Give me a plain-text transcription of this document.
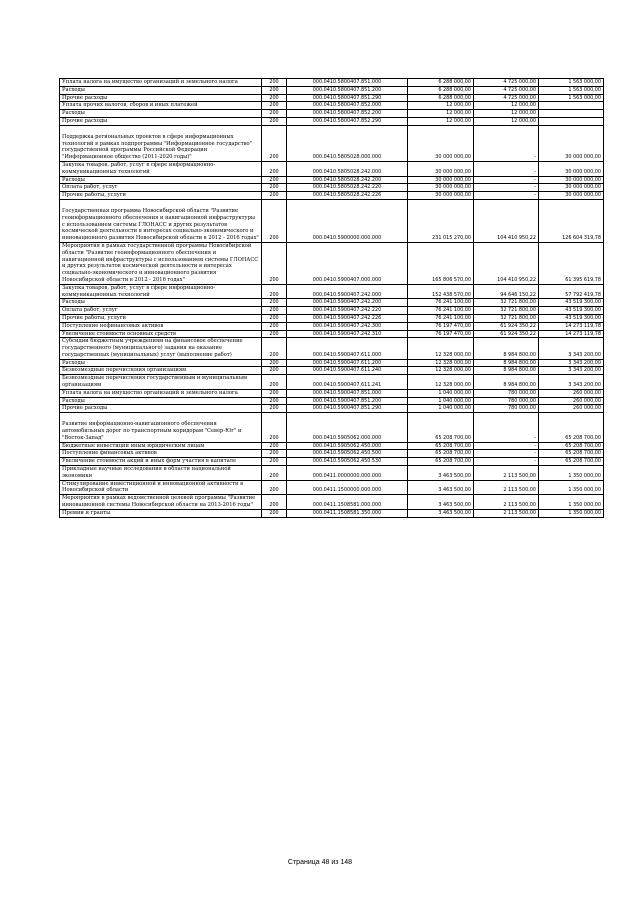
Уплата налога на имущество организаций и земельного налога	200	000.0410.5800407.851.000	6 288 000,00	4 725 000,00	1 563 000,00
Расходы	200	000.0410.5800407.851.200	6 288 000,00	4 725 000,00	1 563 000,00
Прочие расходы	200	000.0410.5800407.851.290	6 288 000,00	4 725 000,00	1 563 000,00
Уплата прочих налогов, сборов и иных платежей	200	000.0410.5800407.852.000	12 000,00	12 000,00	
Расходы	200	000.0410.5800407.852.200	12 000,00	12 000,00	
Прочие расходы	200	000.0410.5800407.852.290	12 000,00	12 000,00	
Поддержка региональных проектов в сфере информационных технологий в рамках подпрограммы "Информационное государство" государственной программы Российской Федерации "Информационное общество (2011-2020 годы)"	200	000.0410.5805028.000.000	30 000 000,00	-	30 000 000,00
Закупка товаров, работ, услуг в сфере информационно-коммуникационных технологий	200	000.0410.5805028.242.000	30 000 000,00	-	30 000 000,00
Расходы	200	000.0410.5805028.242.200	30 000 000,00	-	30 000 000,00
Оплата работ, услуг	200	000.0410.5805028.242.220	30 000 000,00	-	30 000 000,00
Прочие работы, услуги	200	000.0410.5805028.242.226	30 000 000,00	-	30 000 000,00
Государственная программа Новосибирской области "Развитие геоинформационного обеспечения и навигационной инфраструктуры с использованием системы ГЛОНАСС и других результатов космической деятельности в интересах социально-экономического и инновационного развития Новосибирской области в 2012 - 2016 годах"	200	000.0410.5900000.000.000	231 015 270,00	104 410 950,22	126 604 319,78
Мероприятия в рамках государственной программы Новосибирской области "Развитие геоинформационного обеспечения и навигационной инфраструктуры с использованием системы ГЛОНАСС и других результатов космической деятельности в интересах социально-экономического и инновационного развития Новосибирской области в 2012 - 2016 годах"	200	000.0410.5900407.000.000	165 806 570,00	104 410 950,22	61 395 619,78
Закупка товаров, работ, услуг в сфере информационно-коммуникационных технологий	200	000.0410.5900407.242.000	152 438 570,00	94 646 150,22	57 792 419,78
Расходы	200	000.0410.5900407.242.200	76 241 100,00	32 721 800,00	43 519 300,00
Оплата работ, услуг	200	000.0410.5900407.242.220	76 241 100,00	32 721 800,00	43 519 300,00
Прочие работы, услуги	200	000.0410.5900407.242.226	76 241 100,00	32 721 800,00	43 519 300,00
Поступление нефинансовых активов	200	000.0410.5900407.242.300	76 197 470,00	61 924 350,22	14 273 119,78
Увеличение стоимости основных средств	200	000.0410.5900407.242.310	76 197 470,00	61 924 350,22	14 273 119,78
Субсидии бюджетным учреждениям на финансовое обеспечение государственного (муниципального) задания на оказание государственных (муниципальных) услуг (выполнение работ)	200	000.0410.5900407.611.000	12 328 000,00	8 984 800,00	3 343 200,00
Расходы	200	000.0410.5900407.611.200	12 328 000,00	8 984 800,00	3 343 200,00
Безвозмездные перечисления организациям	200	000.0410.5900407.611.240	12 328 000,00	8 984 800,00	3 343 200,00
Безвозмездные перечисления государственным и муниципальным организациям	200	000.0410.5900407.611.241	12 328 000,00	8 984 800,00	3 343 200,00
Уплата налога на имущество организаций и земельного налога	200	000.0410.5900407.851.000	1 040 000,00	780 000,00	260 000,00
Расходы	200	000.0410.5900407.851.200	1 040 000,00	780 000,00	260 000,00
Прочие расходы	200	000.0410.5900407.851.290	1 040 000,00	780 000,00	260 000,00
Развитие информационно-навигационного обеспечения автомобильных дорог по транспортным коридорам "Север-Юг" и "Восток-Запад"	200	000.0410.5905062.000.000	65 208 700,00	-	65 208 700,00
Бюджетные инвестиции иным юридическим лицам	200	000.0410.5905062.450.000	65 208 700,00	-	65 208 700,00
Поступление финансовых активов	200	000.0410.5905062.450.500	65 208 700,00	-	65 208 700,00
Увеличение стоимости акций и иных форм участия в капитале	200	000.0410.5905062.450.530	65 208 700,00	-	65 208 700,00
Прикладные научные исследования в области национальной экономики	200	000.0411.0000000.000.000	3 463 500,00	2 113 500,00	1 350 000,00
Стимулирование инвестиционной и инновационной активности в Новосибирской области	200	000.0411.1500000.000.000	3 463 500,00	2 113 500,00	1 350 000,00
Мероприятия в рамках ведомственной целевой программы "Развитие инновационной системы Новосибирской области на 2013-2016 годы"	200	000.0411.1508581.000.000	3 463 500,00	2 113 500,00	1 350 000,00
Премии и гранты	200	000.0411.1508581.350.000	3 463 500,00	2 113 500,00	1 350 000,00
Страница 48 из 148
